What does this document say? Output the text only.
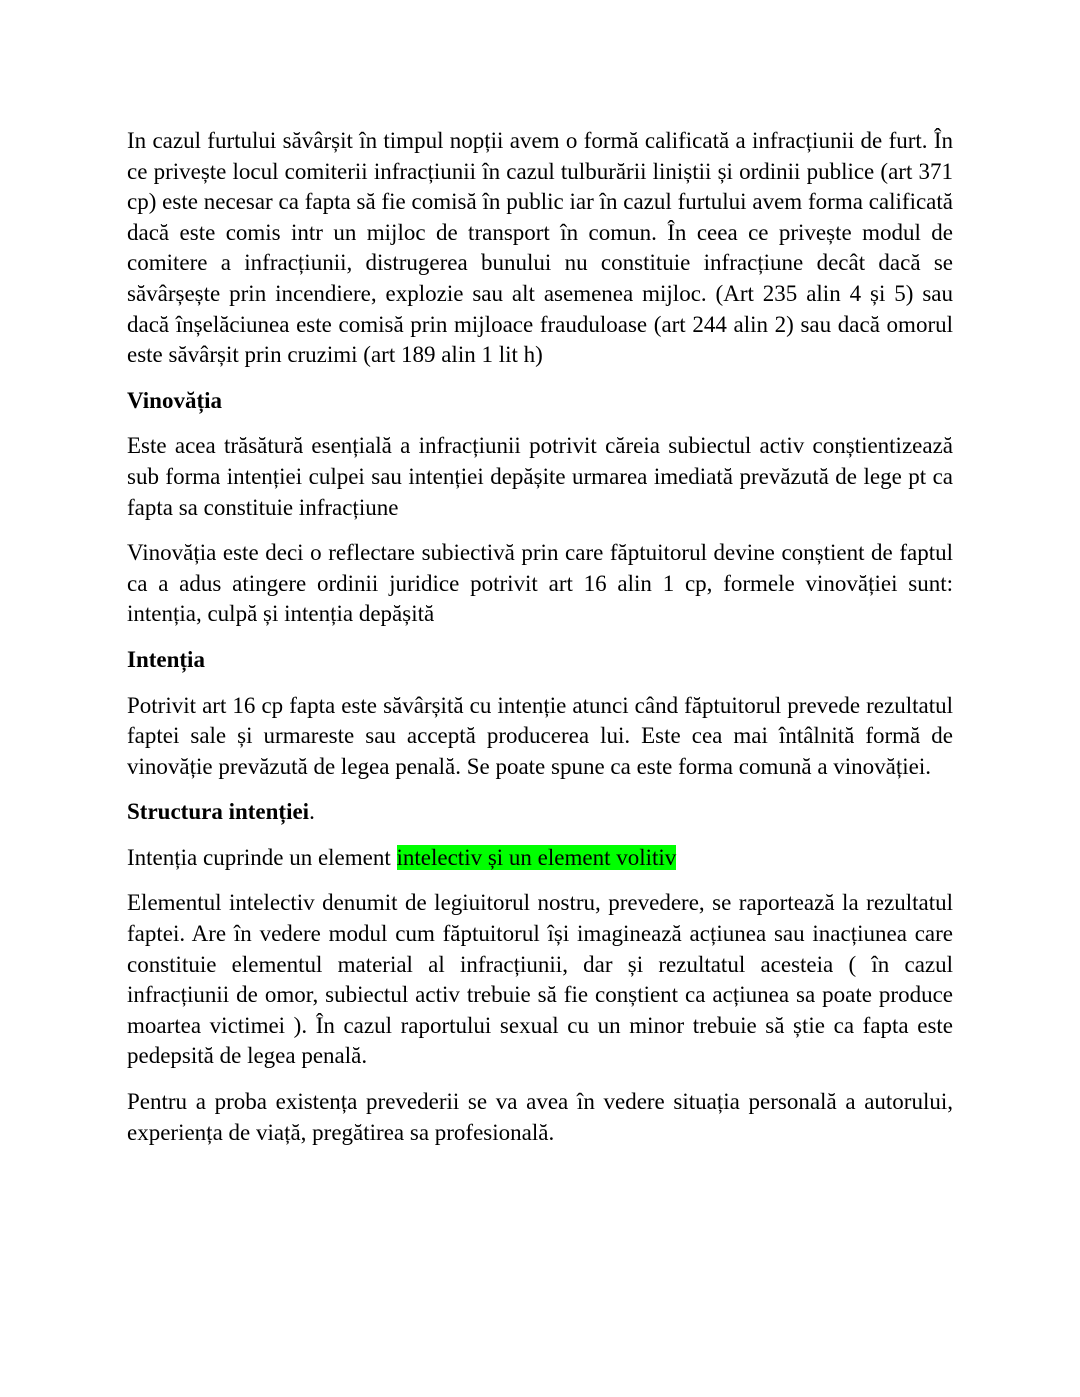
In cazul furtului săvârșit în timpul nopții avem o formă calificată a infracțiunii de furt. În ce privește locul comiterii infracțiunii în cazul tulburării liniștii și ordinii publice (art 371 cp) este necesar ca fapta să fie comisă în public iar în cazul furtului avem forma calificată dacă este comis intr un mijloc de transport în comun. În ceea ce privește modul de comitere a infracțiunii, distrugerea bunului nu constituie infracțiune decât dacă se săvârșește prin incendiere, explozie sau alt asemenea mijloc. (Art 235 alin 4 și 5) sau dacă înșelăciunea este comisă prin mijloace frauduloase (art 244 alin 2) sau dacă omorul este săvârșit prin cruzimi (art 189 alin 1 lit h)

Vinovăția

Este acea trăsătură esențială a infracțiunii potrivit căreia subiectul activ conștientizează sub forma intenției culpei sau intenției depășite urmarea imediată prevăzută de lege pt ca fapta sa constituie infracțiune

Vinovăția este deci o reflectare subiectivă prin care făptuitorul devine conștient de faptul ca a adus atingere ordinii juridice potrivit art 16 alin 1 cp, formele vinovăției sunt: intenția, culpă și intenția depășită

Intenția

Potrivit art 16 cp fapta este săvârșită cu intenție atunci când făptuitorul prevede rezultatul faptei sale și urmareste sau acceptă producerea lui. Este cea mai întâlnită formă de vinovăție prevăzută de legea penală. Se poate spune ca este forma comună a vinovăției.

Structura intenției.

Intenția cuprinde un element intelectiv și un element volitiv

Elementul intelectiv denumit de legiuitorul nostru, prevedere, se raportează la rezultatul faptei. Are în vedere modul cum făptuitorul își imaginează acțiunea sau inacțiunea care constituie elementul material al infracțiunii, dar și rezultatul acesteia ( în cazul infracțiunii de omor, subiectul activ trebuie să fie conștient ca acțiunea sa poate produce moartea victimei ). În cazul raportului sexual cu un minor trebuie să știe ca fapta este pedepsită de legea penală.

Pentru a proba existența prevederii se va avea în vedere situația personală a autorului, experiența de viață, pregătirea sa profesională.
